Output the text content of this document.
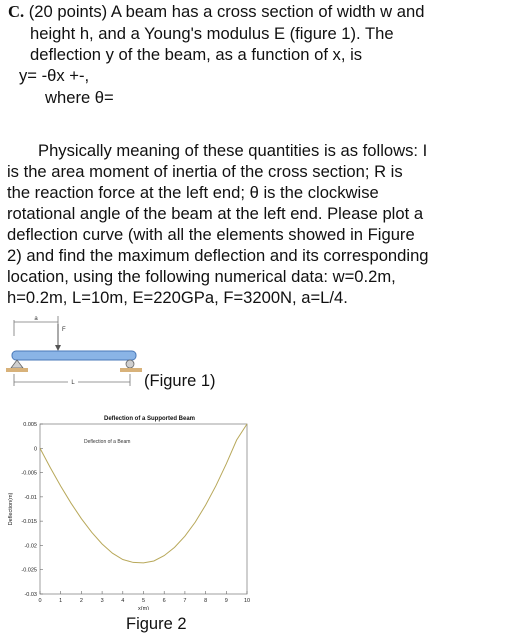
C. (20 points) A beam has a cross section of width w and
height h, and a Young's modulus E (figure 1). The
deflection y of the beam, as a function of x, is
y= -θx +-,
where θ=
Physically meaning of these quantities is as follows: I
is the area moment of inertia of the cross section; R is
the reaction force at the left end; θ is the clockwise
rotational angle of the beam at the left end. Please plot a
deflection curve (with all the elements showed in Figure
2) and find the maximum deflection and its corresponding
location, using the following numerical data: w=0.2m,
h=0.2m, L=10m, E=220GPa, F=3200N, a=L/4.
a
F
L	(Figure 1)
0	1	2	3	4	5	6	7	8	9	10
0.005
0
-0.005
-0.01
-0.015
-0.02
-0.025
-0.03
Deflection of a Supported Beam
Deflection of a Beam
x(m)
Deflection(m)
Figure 2
